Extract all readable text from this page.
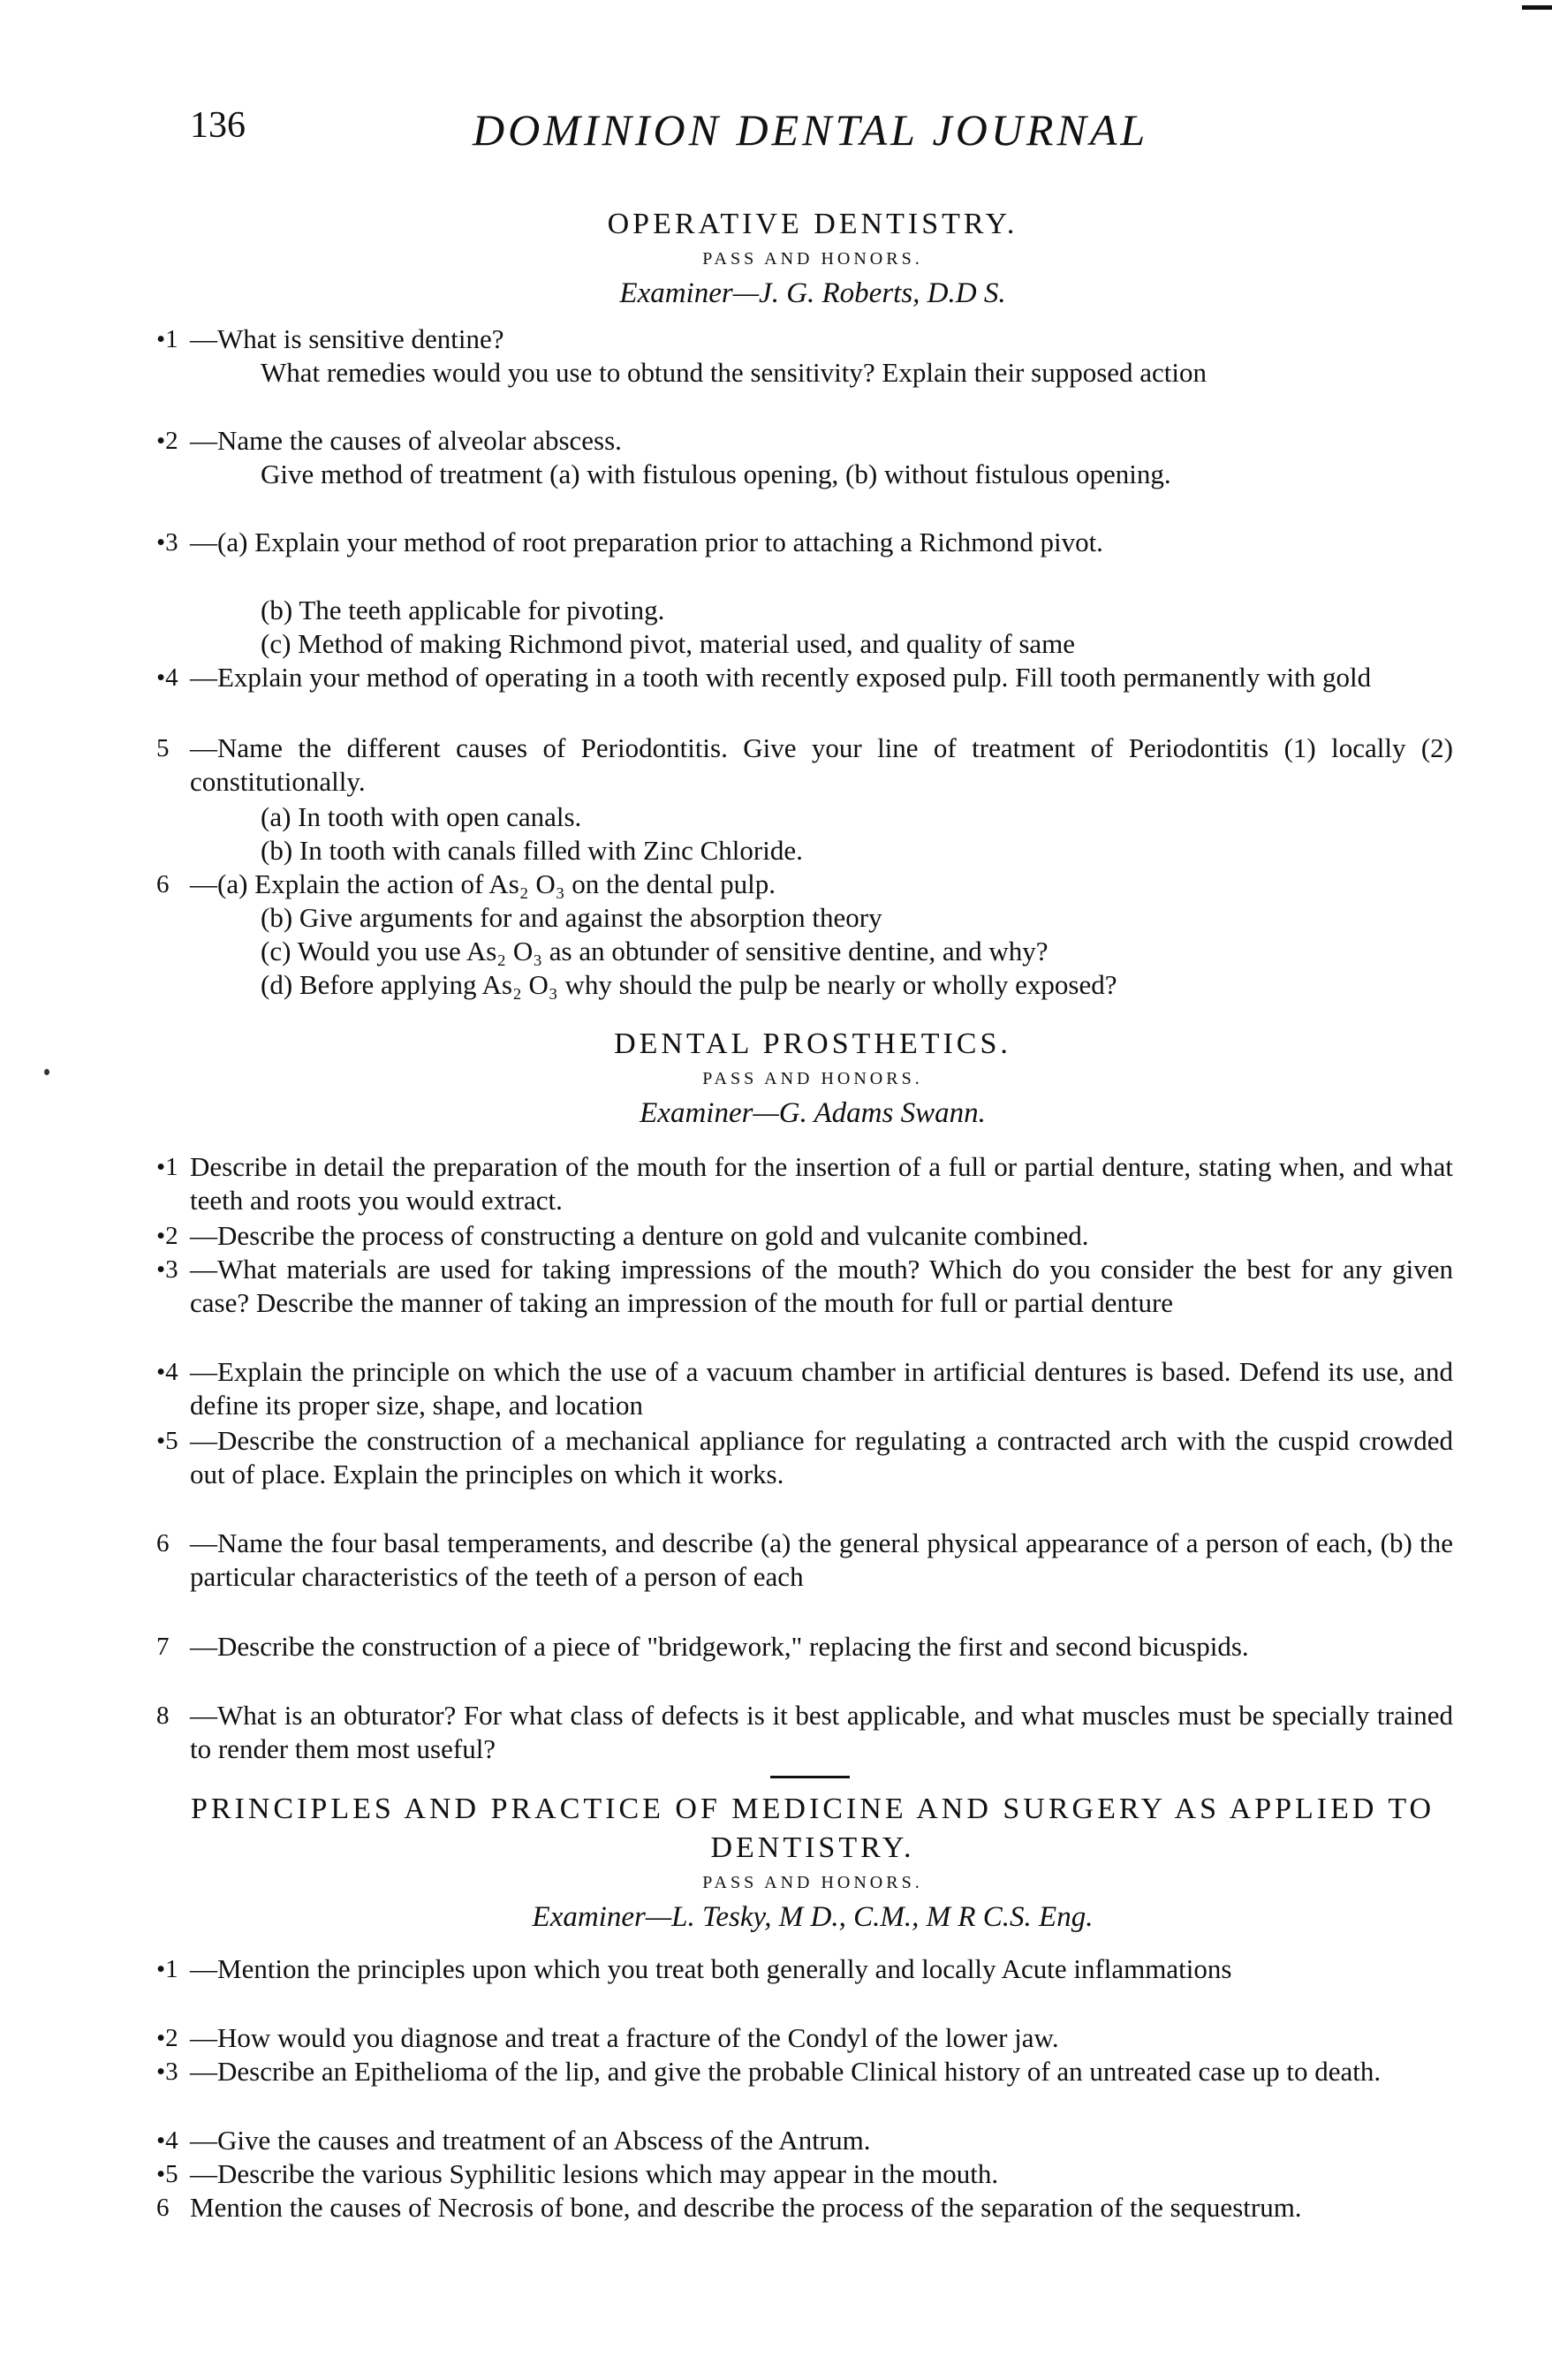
136	DOMINION DENTAL JOURNAL
OPERATIVE DENTISTRY.
PASS AND HONORS.
Examiner—J. G. Roberts, D.D S.
•1 —What is sensitive dentine?
What remedies would you use to obtund the sensitivity? Explain their supposed action
•2 —Name the causes of alveolar abscess.
Give method of treatment (a) with fistulous opening, (b) without fistulous opening.
•3 —(a) Explain your method of root preparation prior to attaching a Richmond pivot.
(b) The teeth applicable for pivoting.
(c) Method of making Richmond pivot, material used, and quality of same
•4 —Explain your method of operating in a tooth with recently exposed pulp. Fill tooth permanently with gold
5 —Name the different causes of Periodontitis. Give your line of treatment of Periodontitis (1) locally (2) constitutionally.
(a) In tooth with open canals.
(b) In tooth with canals filled with Zinc Chloride.
6 —(a) Explain the action of As₂ O₃ on the dental pulp.
(b) Give arguments for and against the absorption theory
(c) Would you use As₂ O₃ as an obtunder of sensitive dentine, and why?
(d) Before applying As₂ O₃ why should the pulp be nearly or wholly exposed?
DENTAL PROSTHETICS.
PASS AND HONORS.
Examiner—G. Adams Swann.
•1 Describe in detail the preparation of the mouth for the insertion of a full or partial denture, stating when, and what teeth and roots you would extract.
•2 —Describe the process of constructing a denture on gold and vulcanite combined.
•3 —What materials are used for taking impressions of the mouth? Which do you consider the best for any given case? Describe the manner of taking an impression of the mouth for full or partial denture
•4 —Explain the principle on which the use of a vacuum chamber in artificial dentures is based. Defend its use, and define its proper size, shape, and location
•5 —Describe the construction of a mechanical appliance for regulating a contracted arch with the cuspid crowded out of place. Explain the principles on which it works.
6 —Name the four basal temperaments, and describe (a) the general physical appearance of a person of each, (b) the particular characteristics of the teeth of a person of each
7 —Describe the construction of a piece of "bridgework," replacing the first and second bicuspids.
8 —What is an obturator? For what class of defects is it best applicable, and what muscles must be specially trained to render them most useful?
PRINCIPLES AND PRACTICE OF MEDICINE AND SURGERY AS APPLIED TO DENTISTRY.
PASS AND HONORS.
Examiner—L. Tesky, M D., C.M., M R C.S. Eng.
•1 —Mention the principles upon which you treat both generally and locally Acute inflammations
•2 —How would you diagnose and treat a fracture of the Condyl of the lower jaw.
•3 —Describe an Epithelioma of the lip, and give the probable Clinical history of an untreated case up to death.
•4 —Give the causes and treatment of an Abscess of the Antrum.
•5 —Describe the various Syphilitic lesions which may appear in the mouth.
6 Mention the causes of Necrosis of bone, and describe the process of the separation of the sequestrum.
